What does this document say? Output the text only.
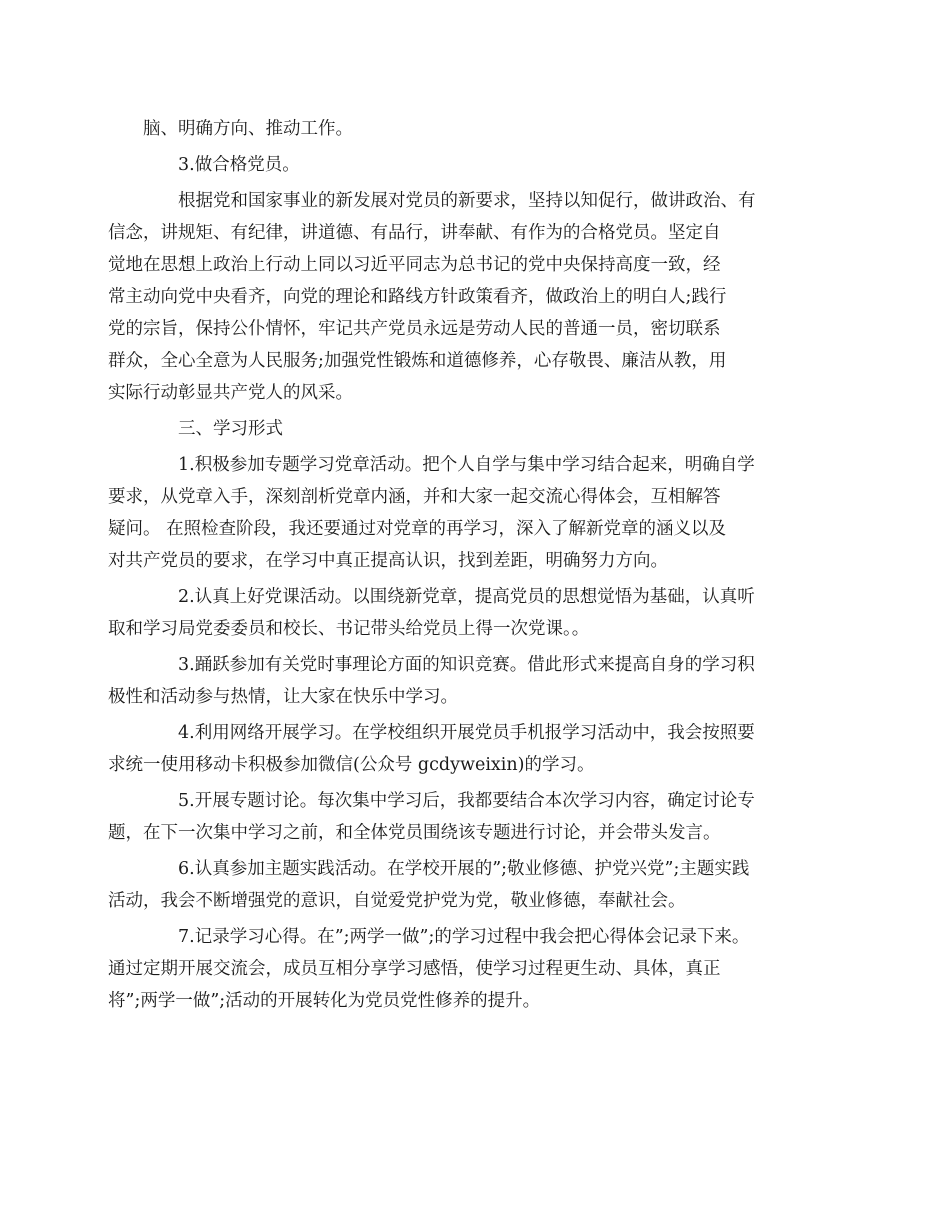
脑、明确方向、推动工作。

3.做合格党员。

根据党和国家事业的新发展对党员的新要求，坚持以知促行，做讲政治、有
信念，讲规矩、有纪律，讲道德、有品行，讲奉献、有作为的合格党员。坚定自
觉地在思想上政治上行动上同以习近平同志为总书记的党中央保持高度一致，经
常主动向党中央看齐，向党的理论和路线方针政策看齐，做政治上的明白人;践行
党的宗旨，保持公仆情怀，牢记共产党员永远是劳动人民的普通一员，密切联系
群众，全心全意为人民服务;加强党性锻炼和道德修养，心存敬畏、廉洁从教，用
实际行动彰显共产党人的风采。

三、学习形式

1.积极参加专题学习党章活动。把个人自学与集中学习结合起来，明确自学
要求，从党章入手，深刻剖析党章内涵，并和大家一起交流心得体会，互相解答
疑问。 在照检查阶段，我还要通过对党章的再学习，深入了解新党章的涵义以及
对共产党员的要求，在学习中真正提高认识，找到差距，明确努力方向。

2.认真上好党课活动。以围绕新党章，提高党员的思想觉悟为基础，认真听
取和学习局党委委员和校长、书记带头给党员上得一次党课。。

3.踊跃参加有关党时事理论方面的知识竞赛。借此形式来提高自身的学习积
极性和活动参与热情，让大家在快乐中学习。

4.利用网络开展学习。在学校组织开展党员手机报学习活动中，我会按照要
求统一使用移动卡积极参加微信(公众号 gcdyweixin)的学习。

5.开展专题讨论。每次集中学习后，我都要结合本次学习内容，确定讨论专
题，在下一次集中学习之前，和全体党员围绕该专题进行讨论，并会带头发言。

6.认真参加主题实践活动。在学校开展的”;敬业修德、护党兴党”;主题实践
活动，我会不断增强党的意识，自觉爱党护党为党，敬业修德，奉献社会。

7.记录学习心得。在”;两学一做”;的学习过程中我会把心得体会记录下来。
通过定期开展交流会，成员互相分享学习感悟，使学习过程更生动、具体，真正
将”;两学一做”;活动的开展转化为党员党性修养的提升。
